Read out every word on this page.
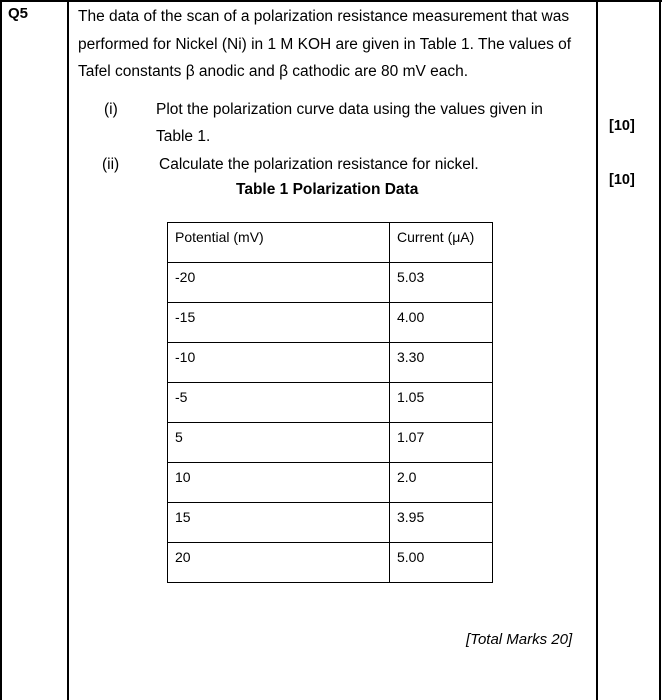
Q5	The data of the scan of a polarization resistance measurement that was
performed for Nickel (Ni) in 1 M KOH are given in Table 1. The values of
Tafel constants β anodic and β cathodic are 80 mV each.

(i) Plot the polarization curve data using the values given in
Table 1.
[10]
(ii)	Calculate the polarization resistance for nickel.
[10]
Table 1 Polarization Data
Potential (mV)	Current (μA)
-20	5.03
-15	4.00
-10	3.30
-5	1.05
5	1.07
10	2.0
15	3.95
20	5.00
[Total Marks 20]
